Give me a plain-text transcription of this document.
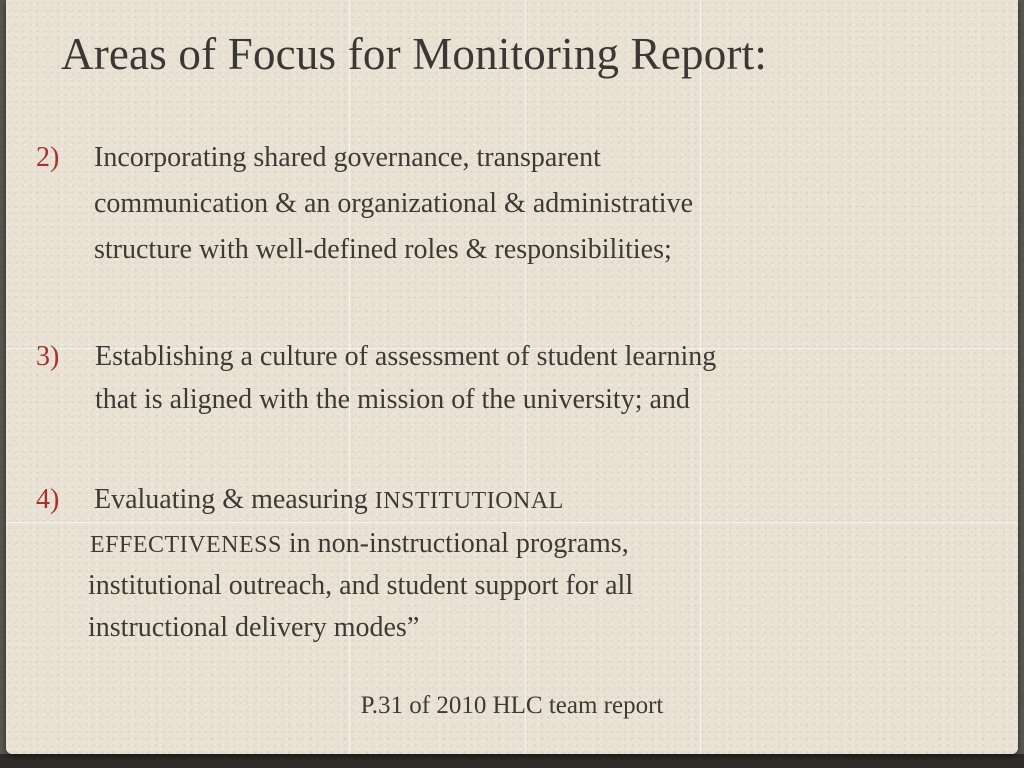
Areas of Focus for Monitoring Report:
2) Incorporating shared governance, transparent
communication & an organizational & administrative
structure with well-defined roles & responsibilities;
3) Establishing a culture of assessment of student learning
that is aligned with the mission of the university; and
4) Evaluating & measuring INSTITUTIONAL
EFFECTIVENESS in non-instructional programs,
institutional outreach, and student support for all
instructional delivery modes”
P.31 of 2010 HLC team report
